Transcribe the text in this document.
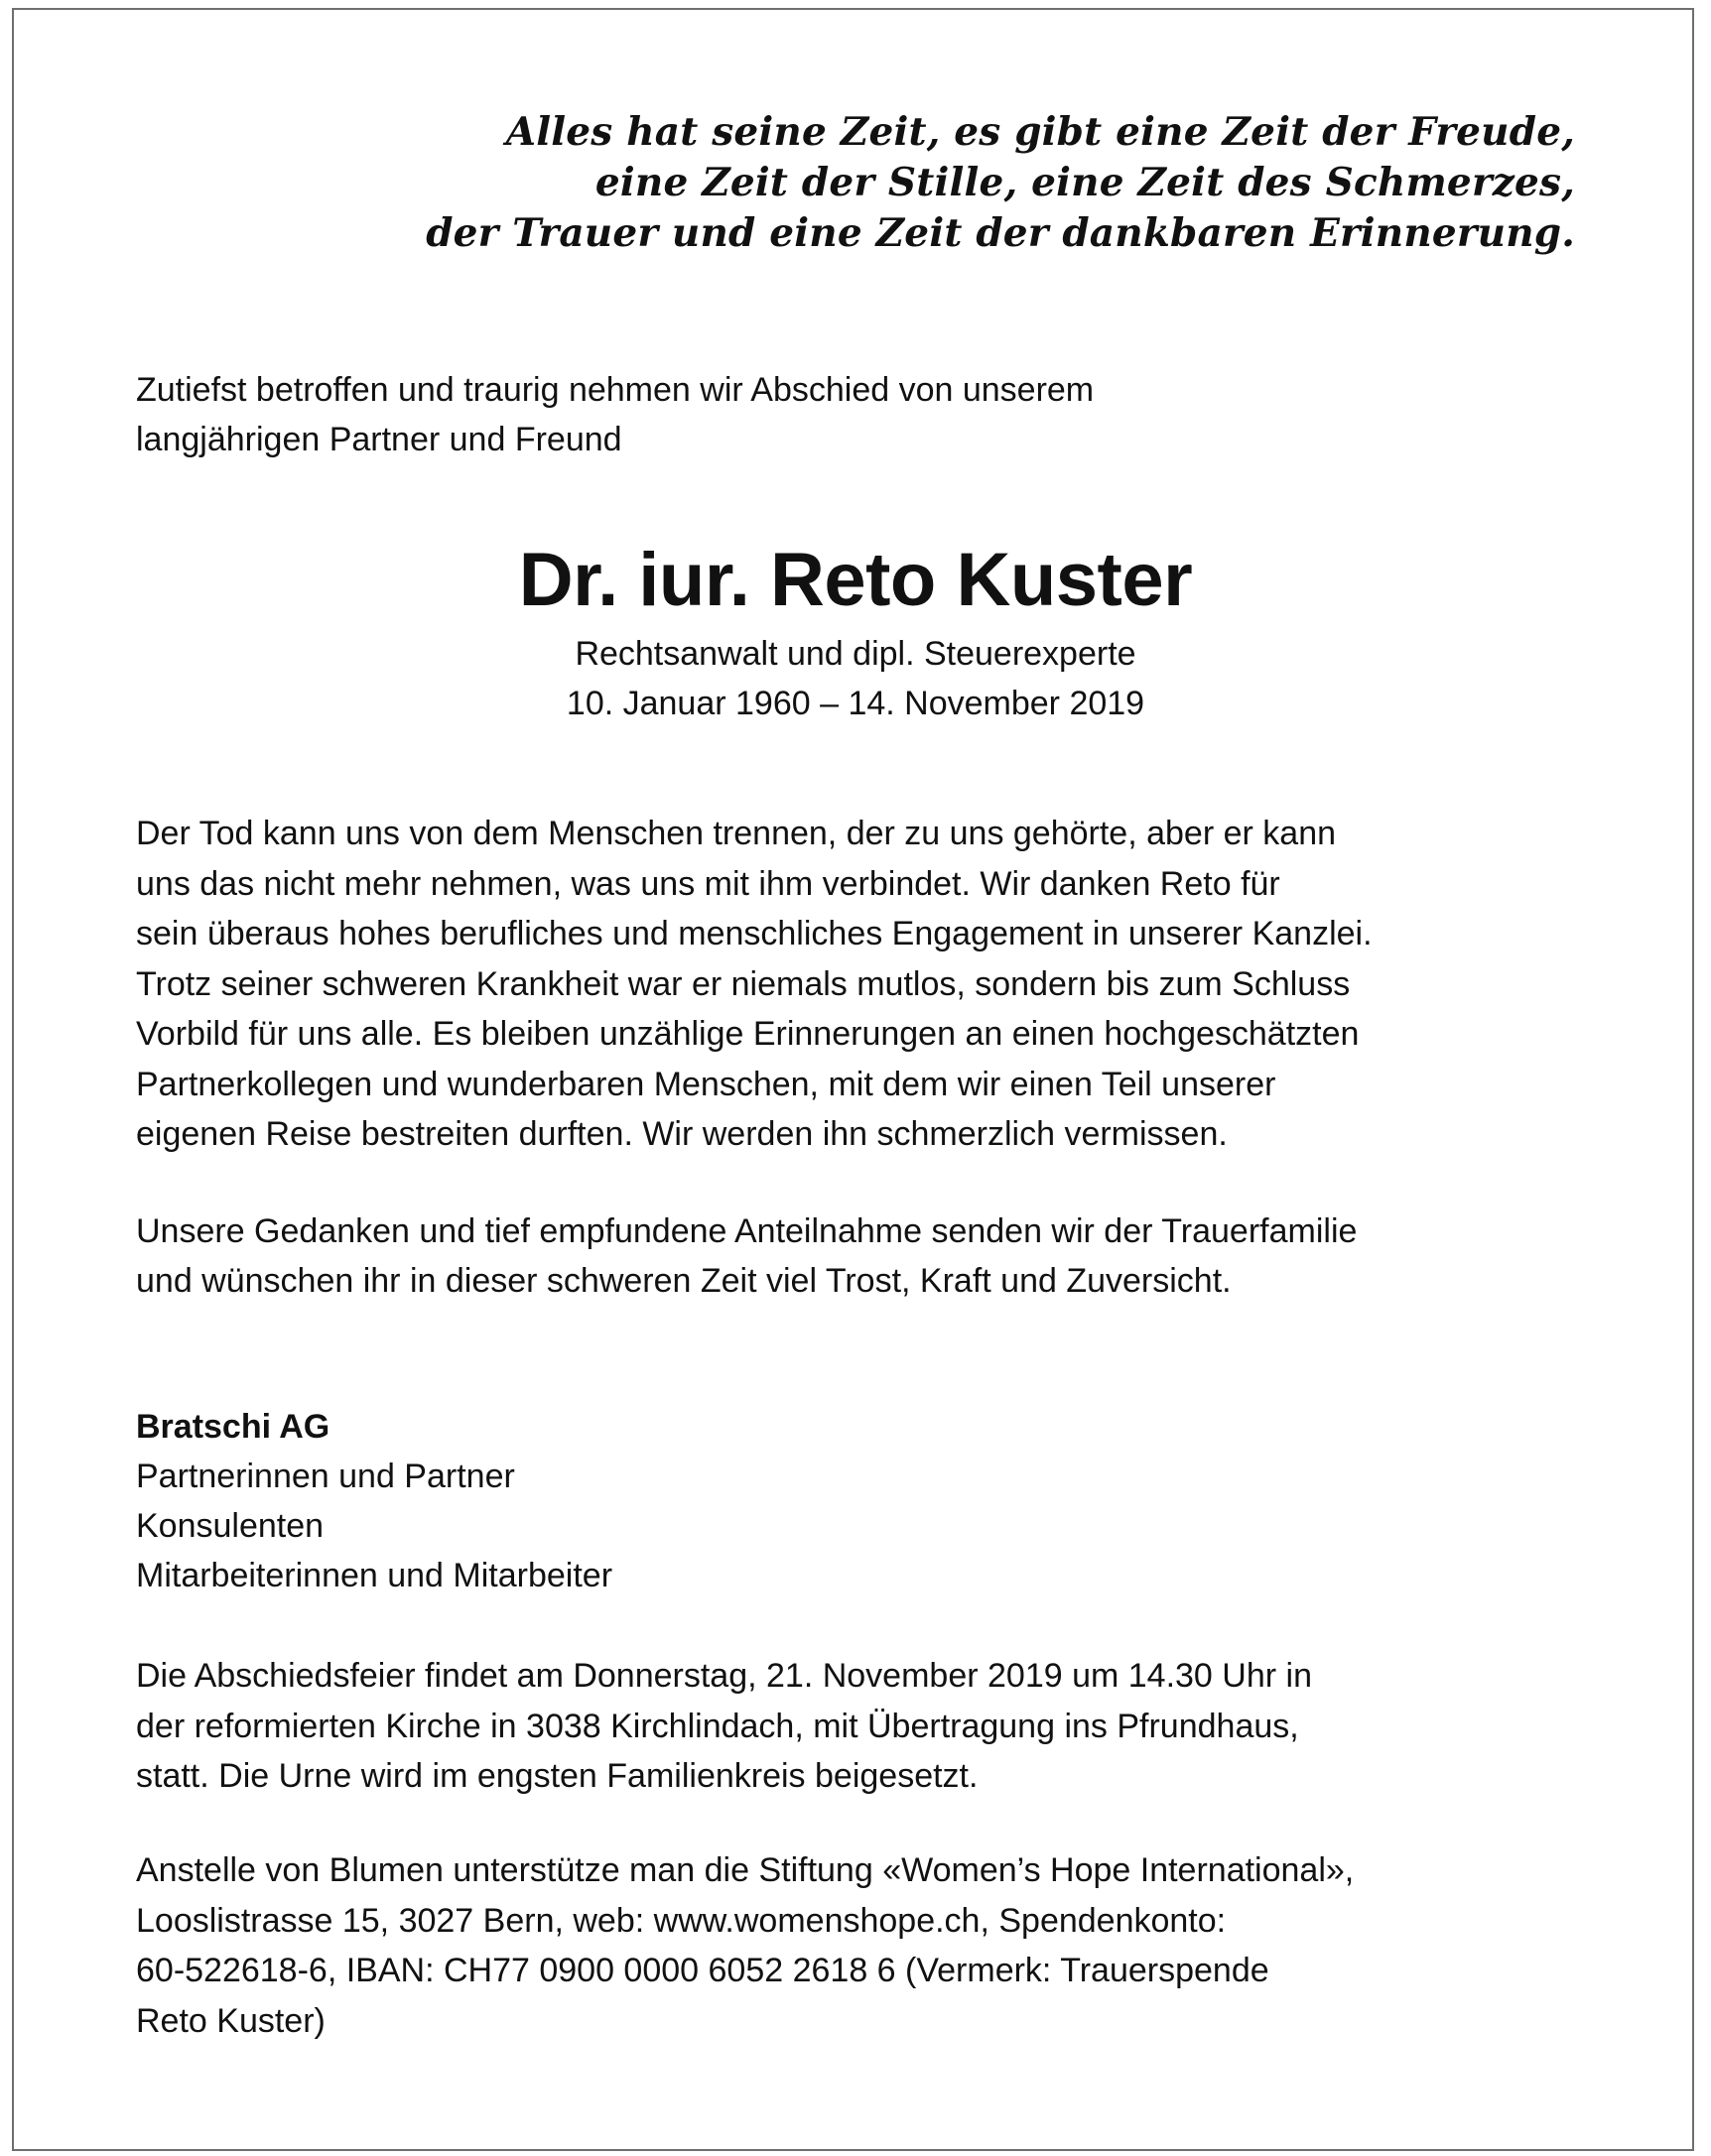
Alles hat seine Zeit, es gibt eine Zeit der Freude,
eine Zeit der Stille, eine Zeit des Schmerzes,
der Trauer und eine Zeit der dankbaren Erinnerung.
Zutiefst betroffen und traurig nehmen wir Abschied von unserem
langjährigen Partner und Freund
Dr. iur. Reto Kuster
Rechtsanwalt und dipl. Steuerexperte
10. Januar 1960 – 14. November 2019
Der Tod kann uns von dem Menschen trennen, der zu uns gehörte, aber er kann
uns das nicht mehr nehmen, was uns mit ihm verbindet. Wir danken Reto für
sein überaus hohes berufliches und menschliches Engagement in unserer Kanzlei.
Trotz seiner schweren Krankheit war er niemals mutlos, sondern bis zum Schluss
Vorbild für uns alle. Es bleiben unzählige Erinnerungen an einen hochgeschätzten
Partnerkollegen und wunderbaren Menschen, mit dem wir einen Teil unserer
eigenen Reise bestreiten durften. Wir werden ihn schmerzlich vermissen.
Unsere Gedanken und tief empfundene Anteilnahme senden wir der Trauerfamilie
und wünschen ihr in dieser schweren Zeit viel Trost, Kraft und Zuversicht.
Bratschi AG
Partnerinnen und Partner
Konsulenten
Mitarbeiterinnen und Mitarbeiter
Die Abschiedsfeier findet am Donnerstag, 21. November 2019 um 14.30 Uhr in
der reformierten Kirche in 3038 Kirchlindach, mit Übertragung ins Pfrundhaus,
statt. Die Urne wird im engsten Familienkreis beigesetzt.
Anstelle von Blumen unterstütze man die Stiftung «Women’s Hope International»,
Looslistrasse 15, 3027 Bern, web: www.womenshope.ch, Spendenkonto:
60-522618-6, IBAN: CH77 0900 0000 6052 2618 6 (Vermerk: Trauerspende
Reto Kuster)
